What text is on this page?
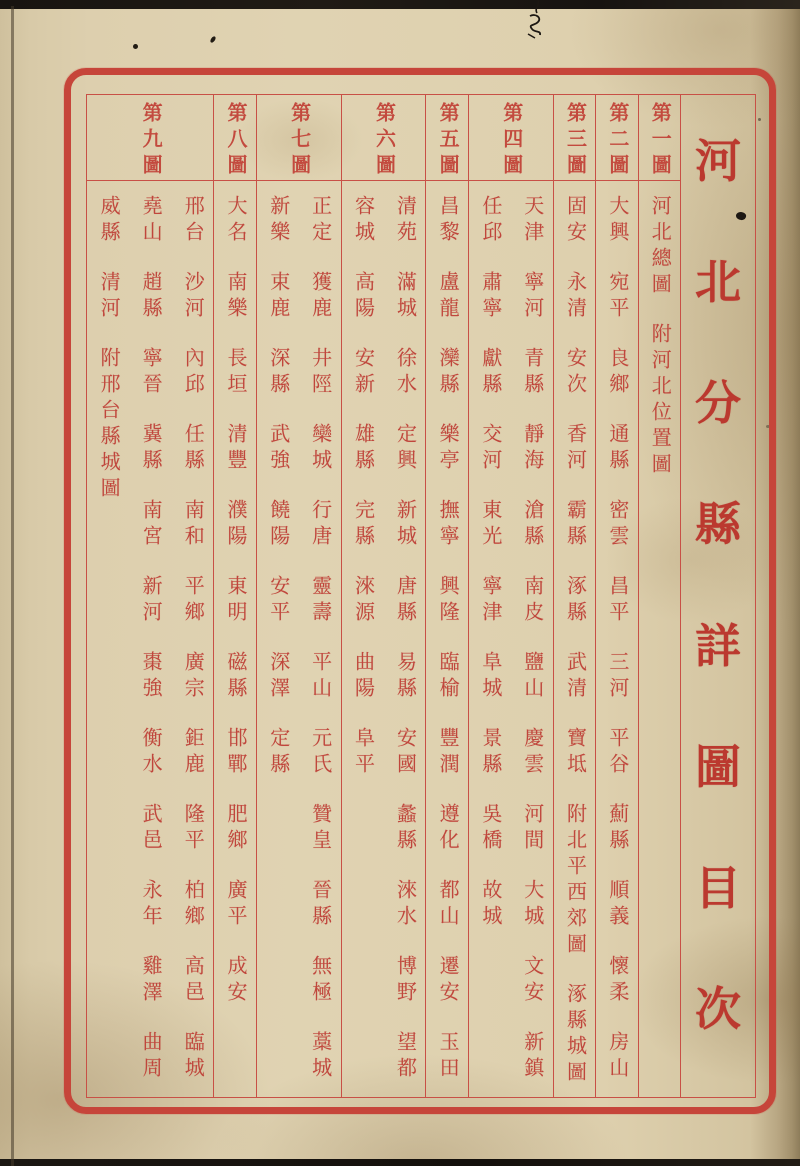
河
北
分
縣
詳
圖
目
次
第一圖
河北總圖
附河北位置圖
第二圖
大興
宛平
良鄉
通縣
密雲
昌平
三河
平谷
薊縣
順義
懷柔
房山
第三圖
固安
永清
安次
香河
霸縣
涿縣
武清
寶坻
附北平西郊圖
涿縣城圖
第四圖
天津
寧河
青縣
靜海
滄縣
南皮
鹽山
慶雲
河間
大城
文安
新鎮
任邱
肅寧
獻縣
交河
東光
寧津
阜城
景縣
吳橋
故城
第五圖
昌黎
盧龍
灤縣
樂亭
撫寧
興隆
臨榆
豐潤
遵化
都山
遷安
玉田
第六圖
清苑
滿城
徐水
定興
新城
唐縣
易縣
安國
蠡縣
淶水
博野
望都
容城
高陽
安新
雄縣
完縣
淶源
曲陽
阜平
第七圖
正定
獲鹿
井陘
欒城
行唐
靈壽
平山
元氏
贊皇
晉縣
無極
藁城
新樂
束鹿
深縣
武強
饒陽
安平
深澤
定縣
第八圖
大名
南樂
長垣
清豐
濮陽
東明
磁縣
邯鄲
肥鄉
廣平
成安
第九圖
邢台
沙河
內邱
任縣
南和
平鄉
廣宗
鉅鹿
隆平
柏鄉
高邑
臨城
堯山
趙縣
寧晉
冀縣
南宮
新河
棗強
衡水
武邑
永年
雞澤
曲周
威縣
清河
附邢台縣城圖
